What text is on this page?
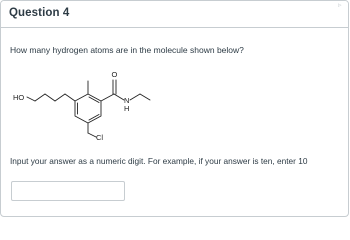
Question 4
▹
How many hydrogen atoms are in the molecule shown below?
HO
O
N
H
Cl
Input your answer as a numeric digit. For example, if your answer is ten, enter 10
